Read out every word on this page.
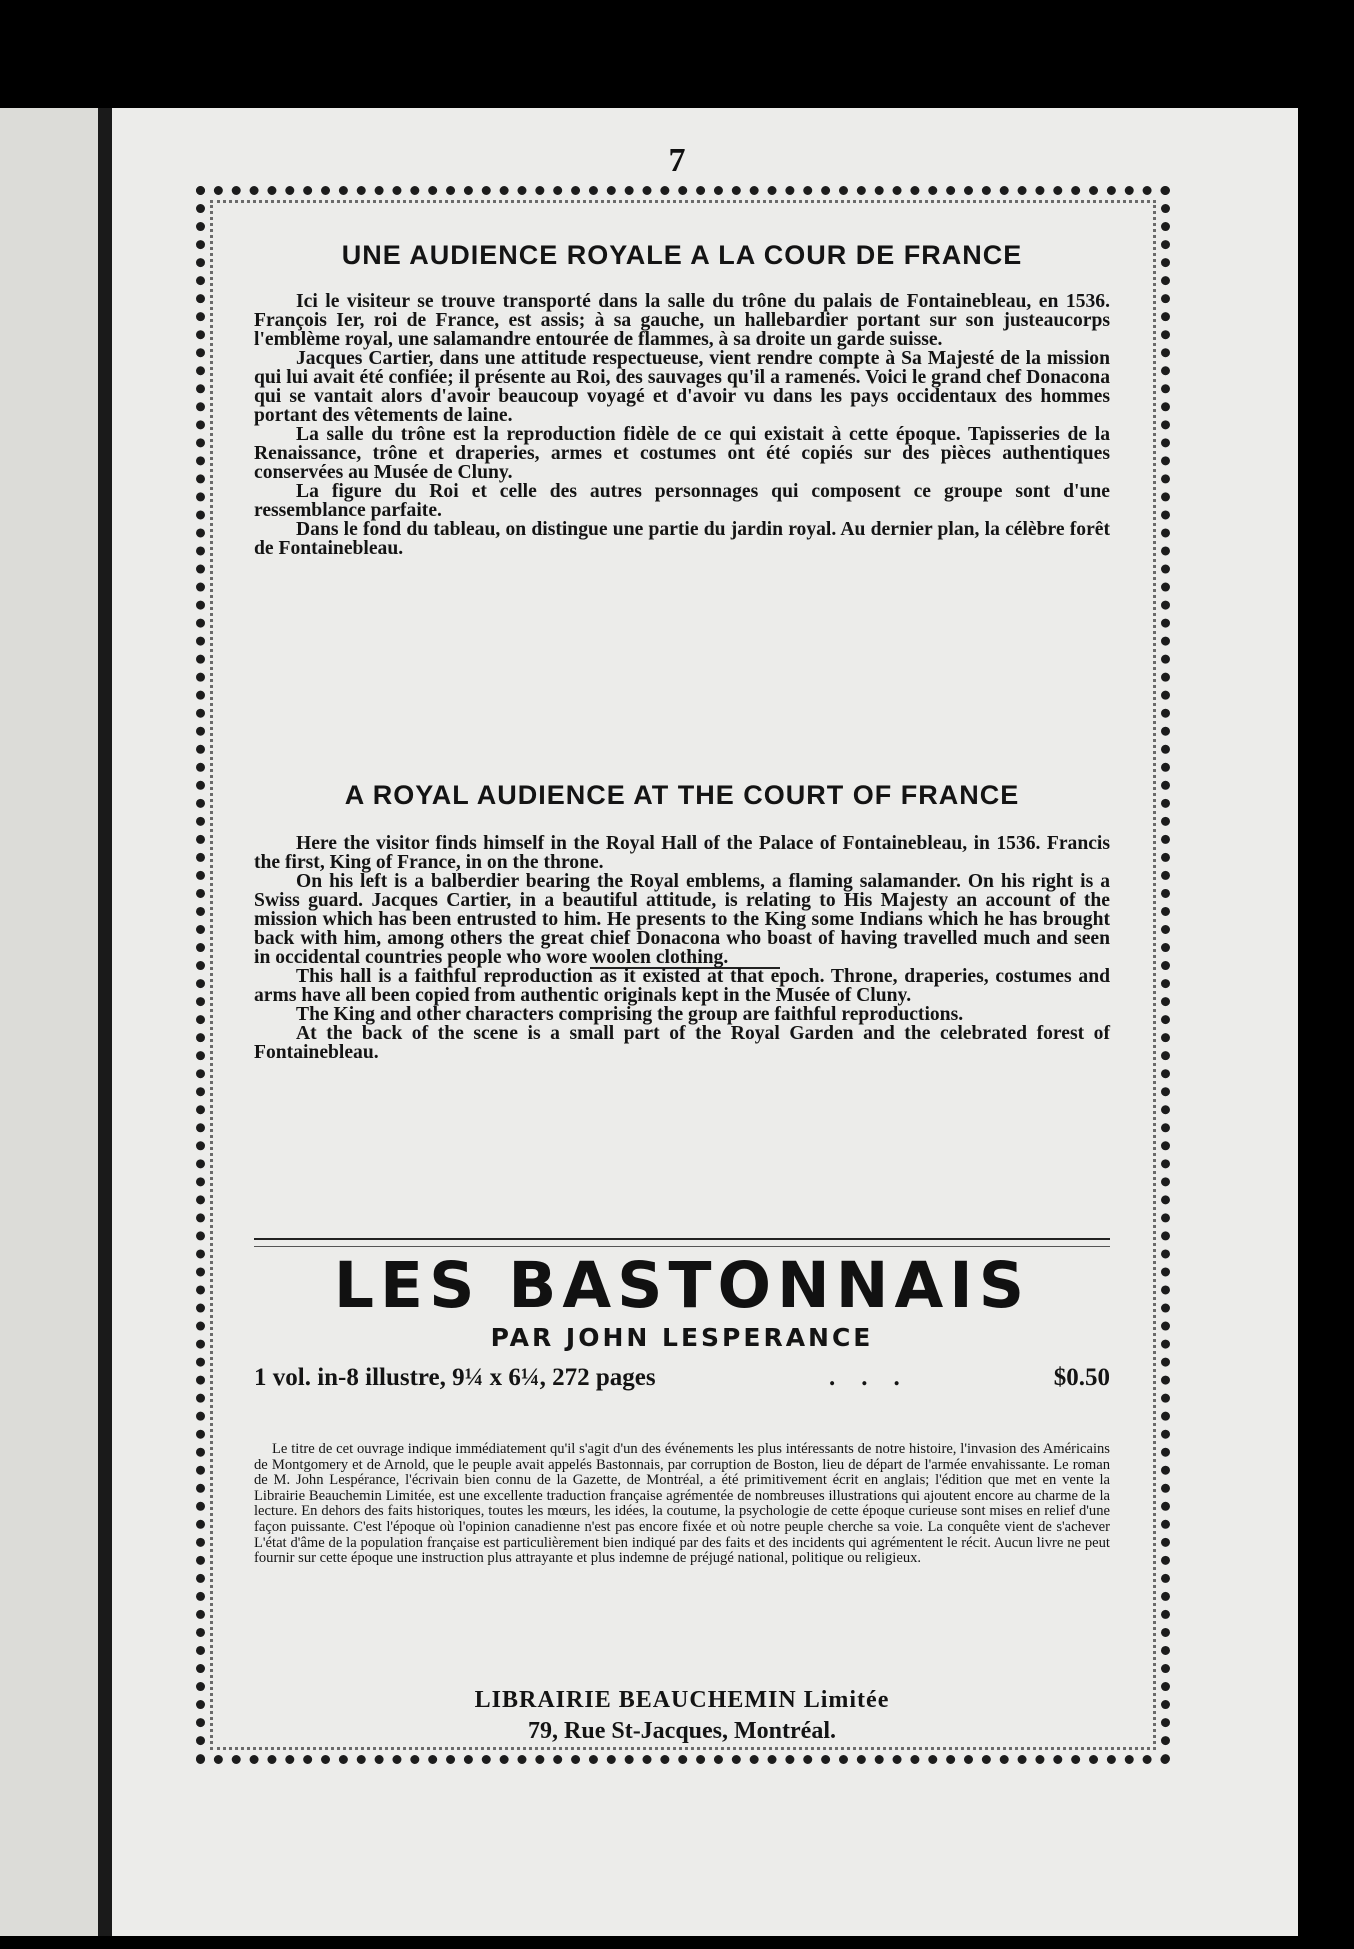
7
UNE AUDIENCE ROYALE A LA COUR DE FRANCE

Ici le visiteur se trouve transporté dans la salle du trône du palais de Fontainebleau, en 1536. François Ier, roi de France, est assis; à sa gauche, un hallebardier portant sur son justeaucorps l'emblème royal, une salamandre entourée de flammes, à sa droite un garde suisse.

Jacques Cartier, dans une attitude respectueuse, vient rendre compte à Sa Majesté de la mission qui lui avait été confiée; il présente au Roi, des sauvages qu'il a ramenés. Voici le grand chef Donacona qui se vantait alors d'avoir beaucoup voyagé et d'avoir vu dans les pays occidentaux des hommes portant des vêtements de laine.

La salle du trône est la reproduction fidèle de ce qui existait à cette époque. Tapisseries de la Renaissance, trône et draperies, armes et costumes ont été copiés sur des pièces authentiques conservées au Musée de Cluny.

La figure du Roi et celle des autres personnages qui composent ce groupe sont d'une ressemblance parfaite.

Dans le fond du tableau, on distingue une partie du jardin royal. Au dernier plan, la célèbre forêt de Fontainebleau.

A ROYAL AUDIENCE AT THE COURT OF FRANCE

Here the visitor finds himself in the Royal Hall of the Palace of Fontainebleau, in 1536. Francis the first, King of France, in on the throne.

On his left is a balberdier bearing the Royal emblems, a flaming salamander. On his right is a Swiss guard. Jacques Cartier, in a beautiful attitude, is relating to His Majesty an account of the mission which has been entrusted to him. He presents to the King some Indians which he has brought back with him, among others the great chief Donacona who boast of having travelled much and seen in occidental countries people who wore woolen clothing.

This hall is a faithful reproduction as it existed at that epoch. Throne, draperies, costumes and arms have all been copied from authentic originals kept in the Musée of Cluny.

The King and other characters comprising the group are faithful reproductions.

At the back of the scene is a small part of the Royal Garden and the celebrated forest of Fontainebleau.

LES BASTONNAIS
PAR JOHN LESPERANCE
1 vol. in-8 illustre, 9¼ x 6¼, 272 pages	...	$0.50

Le titre de cet ouvrage indique immédiatement qu'il s'agit d'un des événements les plus intéressants de notre histoire, l'invasion des Américains de Montgomery et de Arnold, que le peuple avait appelés Bastonnais, par corruption de Boston, lieu de départ de l'armée envahissante. Le roman de M. John Lespérance, l'écrivain bien connu de la Gazette, de Montréal, a été primitivement écrit en anglais; l'édition que met en vente la Librairie Beauchemin Limitée, est une excellente traduction française agrémentée de nombreuses illustrations qui ajoutent encore au charme de la lecture. En dehors des faits historiques, toutes les mœurs, les idées, la coutume, la psychologie de cette époque curieuse sont mises en relief d'une façon puissante. C'est l'époque où l'opinion canadienne n'est pas encore fixée et où notre peuple cherche sa voie. La conquête vient de s'achever L'état d'âme de la population française est particulièrement bien indiqué par des faits et des incidents qui agrémentent le récit. Aucun livre ne peut fournir sur cette époque une instruction plus attrayante et plus indemne de préjugé national, politique ou religieux.

LIBRAIRIE BEAUCHEMIN Limitée
79, Rue St-Jacques, Montréal.
